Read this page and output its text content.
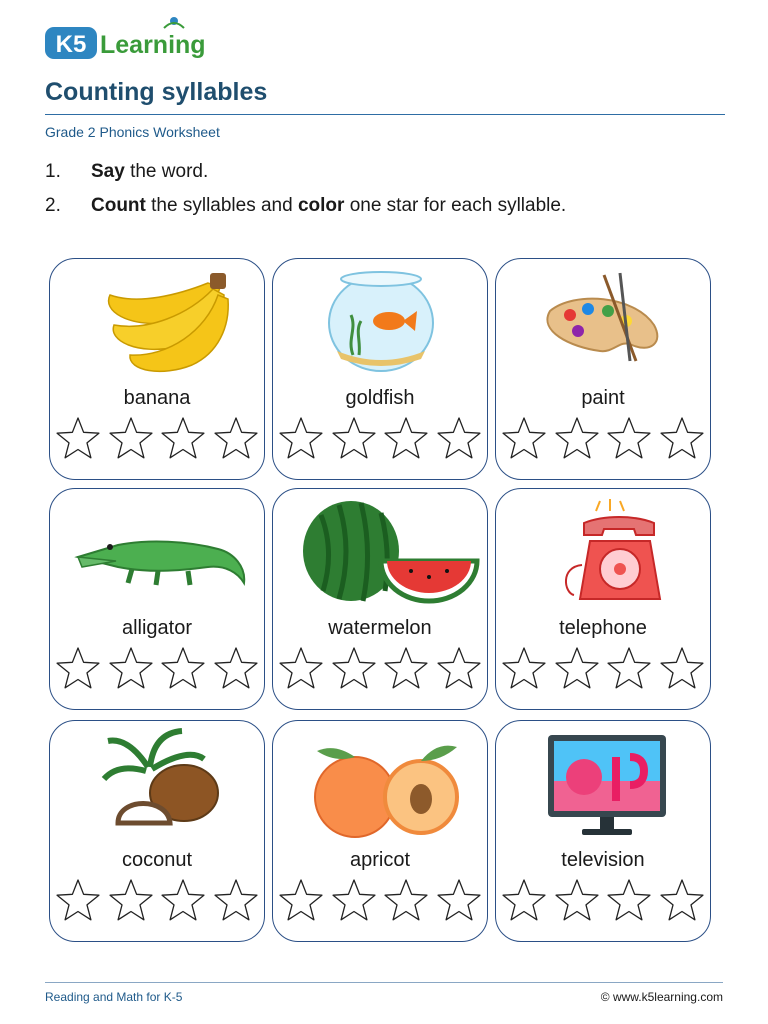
K5 Learning
Counting syllables
Grade 2 Phonics Worksheet
1. Say the word.
2. Count the syllables and color one star for each syllable.
banana	goldfish	paint
alligator	watermelon	telephone
coconut	apricot	television
Reading and Math for K-5	© www.k5learning.com
